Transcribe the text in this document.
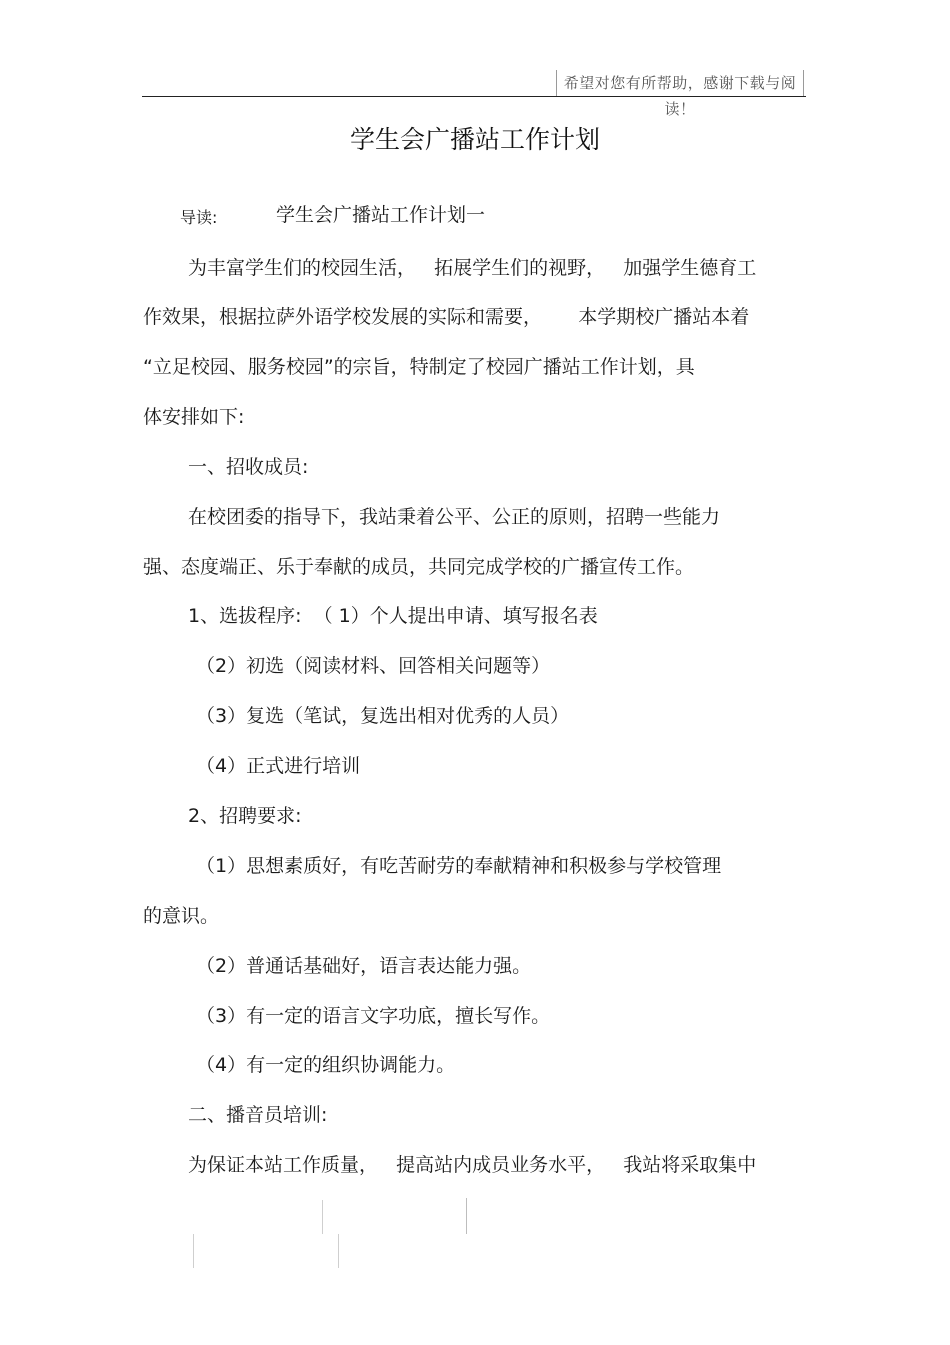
希望对您有所帮助，感谢下载与阅读！
学生会广播站工作计划
导读:	学生会广播站工作计划一
为丰富学生们的校园生活，   拓展学生们的视野，   加强学生德育工
作效果，根据拉萨外语学校发展的实际和需要，      本学期校广播站本着
“立足校园、服务校园”的宗旨，特制定了校园广播站工作计划，具
体安排如下:
一、招收成员:
在校团委的指导下，我站秉着公平、公正的原则，招聘一些能力
强、态度端正、乐于奉献的成员，共同完成学校的广播宣传工作。
1、选拔程序:  （ 1）个人提出申请、填写报名表
（2）初选（阅读材料、回答相关问题等）
（3）复选（笔试，复选出相对优秀的人员）
（4）正式进行培训
2、招聘要求:
（1）思想素质好，有吃苦耐劳的奉献精神和积极参与学校管理
的意识。
（2）普通话基础好，语言表达能力强。
（3）有一定的语言文字功底，擅长写作。
（4）有一定的组织协调能力。
二、播音员培训:
为保证本站工作质量，   提高站内成员业务水平，   我站将采取集中
